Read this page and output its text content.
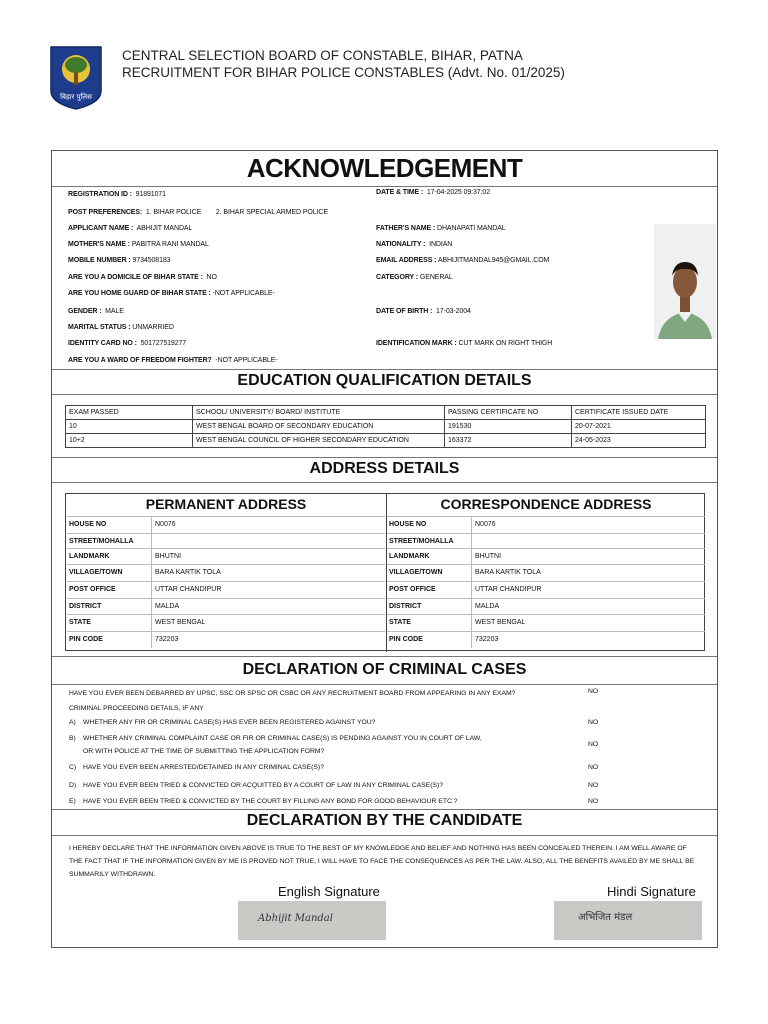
बिहार पुलिस
CENTRAL SELECTION BOARD OF CONSTABLE, BIHAR, PATNA
RECRUITMENT FOR BIHAR POLICE CONSTABLES (Advt. No. 01/2025)
ACKNOWLEDGEMENT
REGISTRATION ID : 91891071	DATE & TIME : 17-04-2025 09:37:02
POST PREFERENCES: 1. BIHAR POLICE 2. BIHAR SPECIAL ARMED POLICE
APPLICANT NAME : ABHIJIT MANDAL	FATHER'S NAME : DHANAPATI MANDAL
MOTHER'S NAME : PABITRA RANI MANDAL	NATIONALITY : INDIAN
MOBILE NUMBER : 9734508183	EMAIL ADDRESS : ABHIJITMANDAL945@GMAIL.COM
ARE YOU A DOMICILE OF BIHAR STATE : NO	CATEGORY : GENERAL
ARE YOU HOME GUARD OF BIHAR STATE : -NOT APPLICABLE-
GENDER : MALE	DATE OF BIRTH : 17-03-2004
MARITAL STATUS : UNMARRIED
IDENTITY CARD NO : 501727519277	IDENTIFICATION MARK : CUT MARK ON RIGHT THIGH
ARE YOU A WARD OF FREEDOM FIGHTER? -NOT APPLICABLE-
EDUCATION QUALIFICATION DETAILS
EXAM PASSED	SCHOOL/ UNIVERSITY/ BOARD/ INSTITUTE	PASSING CERTIFICATE NO	CERTIFICATE ISSUED DATE
10	WEST BENGAL BOARD OF SECONDARY EDUCATION	191530	20-07-2021
10+2	WEST BENGAL COUNCIL OF HIGHER SECONDARY EDUCATION	163372	24-05-2023
ADDRESS DETAILS
PERMANENT ADDRESS	CORRESPONDENCE ADDRESS
HOUSE NO	N0076	HOUSE NO	N0076
STREET/MOHALLA	STREET/MOHALLA
LANDMARK	BHUTNI	LANDMARK	BHUTNI
VILLAGE/TOWN	BARA KARTIK TOLA	VILLAGE/TOWN	BARA KARTIK TOLA
POST OFFICE	UTTAR CHANDIPUR	POST OFFICE	UTTAR CHANDIPUR
DISTRICT	MALDA	DISTRICT	MALDA
STATE	WEST BENGAL	STATE	WEST BENGAL
PIN CODE	732203	PIN CODE	732203
DECLARATION OF CRIMINAL CASES
HAVE YOU EVER BEEN DEBARRED BY UPSC, SSC OR SPSC OR CSBC OR ANY RECRUITMENT BOARD FROM APPEARING IN ANY EXAM?	NO
CRIMINAL PROCEEDING DETAILS, IF ANY
A) WHETHER ANY FIR OR CRIMINAL CASE(S) HAS EVER BEEN REGISTERED AGAINST YOU?	NO
B) WHETHER ANY CRIMINAL COMPLAINT CASE OR FIR OR CRIMINAL CASE(S) IS PENDING AGAINST YOU IN COURT OF LAW,
OR WITH POLICE AT THE TIME OF SUBMITTING THE APPLICATION FORM?
NO
C) HAVE YOU EVER BEEN ARRESTED/DETAINED IN ANY CRIMINAL CASE(S)?	NO
D) HAVE YOU EVER BEEN TRIED & CONVICTED OR ACQUITTED BY A COURT OF LAW IN ANY CRIMINAL CASE(S)?	NO
E) HAVE YOU EVER BEEN TRIED & CONVICTED BY THE COURT BY FILLING ANY BOND FOR GOOD BEHAVIOUR ETC.?	NO
DECLARATION BY THE CANDIDATE
I HEREBY DECLARE THAT THE INFORMATION GIVEN ABOVE IS TRUE TO THE BEST OF MY KNOWLEDGE AND BELIEF AND NOTHING HAS BEEN CONCEALED THEREIN. I AM WELL AWARE OF
THE FACT THAT IF THE INFORMATION GIVEN BY ME IS PROVED NOT TRUE, I WILL HAVE TO FACE THE CONSEQUENCES AS PER THE LAW. ALSO, ALL THE BENEFITS AVAILED BY ME SHALL BE
SUMMARILY WITHDRAWN.
English Signature	Hindi Signature
Abhijit Mandal	अभिजित मंडल
